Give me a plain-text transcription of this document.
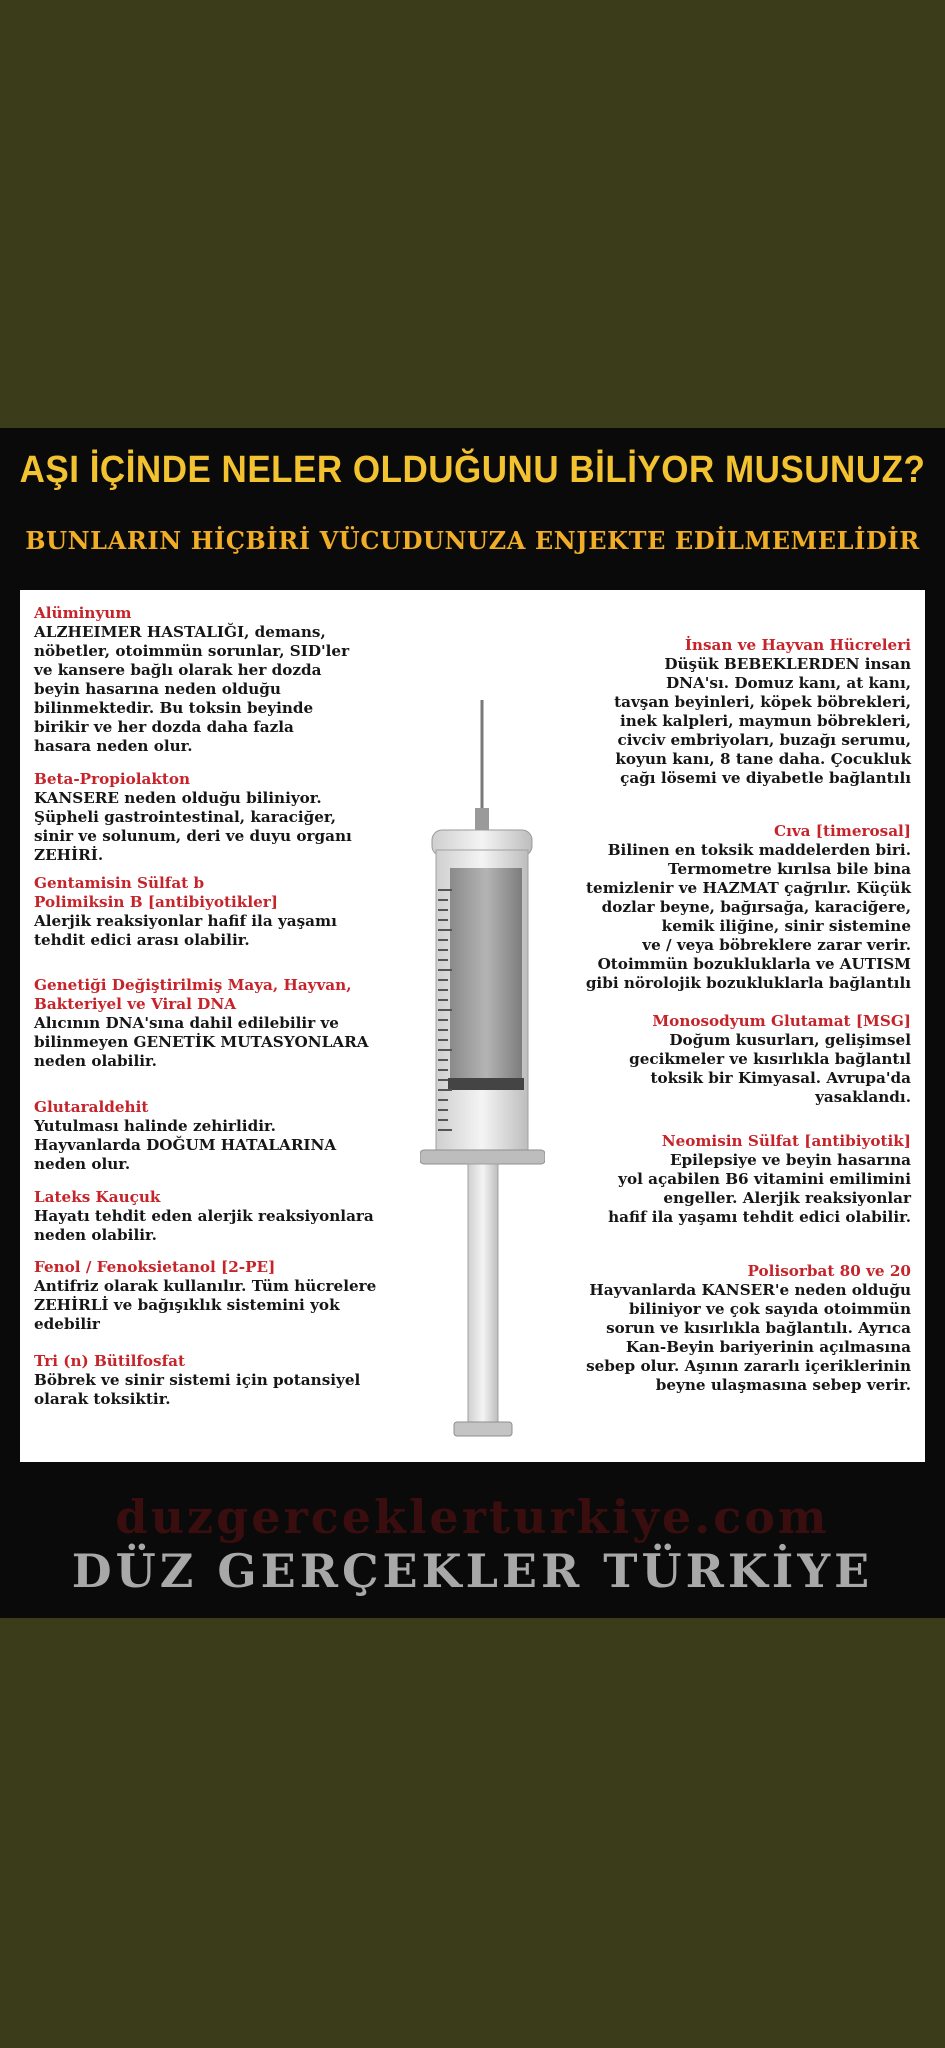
AŞI İÇİNDE NELER OLDUĞUNU BİLİYOR MUSUNUZ?
BUNLARIN HİÇBİRİ VÜCUDUNUZA ENJEKTE EDİLMEMELİDİR
Alüminyum
ALZHEIMER HASTALIĞI, demans,
nöbetler, otoimmün sorunlar, SID'ler
ve kansere bağlı olarak her dozda
beyin hasarına neden olduğu
bilinmektedir. Bu toksin beyinde
birikir ve her dozda daha fazla
hasara neden olur.
Beta-Propiolakton
KANSERE neden olduğu biliniyor.
Şüpheli gastrointestinal, karaciğer,
sinir ve solunum, deri ve duyu organı
ZEHİRİ.
Gentamisin Sülfat b
Polimiksin B [antibiyotikler]
Alerjik reaksiyonlar hafif ila yaşamı
tehdit edici arası olabilir.
Genetiği Değiştirilmiş Maya, Hayvan,
Bakteriyel ve Viral DNA
Alıcının DNA'sına dahil edilebilir ve
bilinmeyen GENETİK MUTASYONLARA
neden olabilir.
Glutaraldehit
Yutulması halinde zehirlidir.
Hayvanlarda DOĞUM HATALARINA
neden olur.
Lateks Kauçuk
Hayatı tehdit eden alerjik reaksiyonlara
neden olabilir.
Fenol / Fenoksietanol [2-PE]
Antifriz olarak kullanılır. Tüm hücrelere
ZEHİRLİ ve bağışıklık sistemini yok
edebilir
Tri (n) Bütilfosfat
Böbrek ve sinir sistemi için potansiyel
olarak toksiktir.
İnsan ve Hayvan Hücreleri
Düşük BEBEKLERDEN insan
DNA'sı. Domuz kanı, at kanı,
tavşan beyinleri, köpek böbrekleri,
inek kalpleri, maymun böbrekleri,
civciv embriyoları, buzağı serumu,
koyun kanı, 8 tane daha. Çocukluk
çağı lösemi ve diyabetle bağlantılı
Cıva [timerosal]
Bilinen en toksik maddelerden biri.
Termometre kırılsa bile bina
temizlenir ve HAZMAT çağrılır. Küçük
dozlar beyne, bağırsağa, karaciğere,
kemik iliğine, sinir sistemine
ve / veya böbreklere zarar verir.
Otoimmün bozukluklarla ve AUTISM
gibi nörolojik bozukluklarla bağlantılı
Monosodyum Glutamat [MSG]
Doğum kusurları, gelişimsel
gecikmeler ve kısırlıkla bağlantıl
toksik bir Kimyasal. Avrupa'da
yasaklandı.
Neomisin Sülfat [antibiyotik]
Epilepsiye ve beyin hasarına
yol açabilen B6 vitamini emilimini
engeller. Alerjik reaksiyonlar
hafif ila yaşamı tehdit edici olabilir.
Polisorbat 80 ve 20
Hayvanlarda KANSER'e neden olduğu
biliniyor ve çok sayıda otoimmün
sorun ve kısırlıkla bağlantılı. Ayrıca
Kan-Beyin bariyerinin açılmasına
sebep olur. Aşının zararlı içeriklerinin
beyne ulaşmasına sebep verir.
duzgerceklerturkiye.com
DÜZ GERÇEKLER TÜRKİYE
